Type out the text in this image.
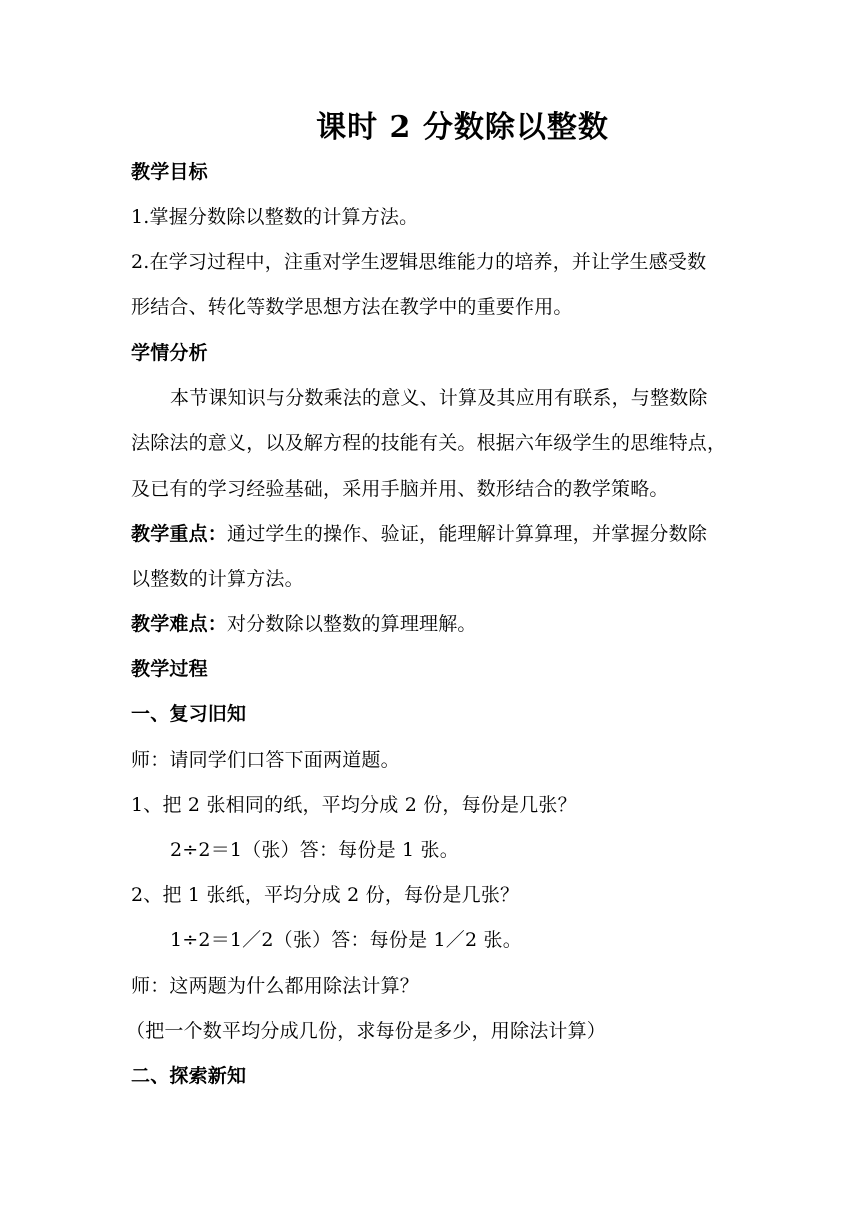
课时 2 分数除以整数
教学目标
1.掌握分数除以整数的计算方法。
2.在学习过程中，注重对学生逻辑思维能力的培养，并让学生感受数
形结合、转化等数学思想方法在教学中的重要作用。
学情分析
本节课知识与分数乘法的意义、计算及其应用有联系，与整数除
法除法的意义，以及解方程的技能有关。根据六年级学生的思维特点，
及已有的学习经验基础，采用手脑并用、数形结合的教学策略。
教学重点：通过学生的操作、验证，能理解计算算理，并掌握分数除
以整数的计算方法。
教学难点：对分数除以整数的算理理解。
教学过程
一、复习旧知
师：请同学们口答下面两道题。
1、把 2 张相同的纸，平均分成 2 份，每份是几张？
2÷2＝1（张）答：每份是 1 张。
2、把 1 张纸，平均分成 2 份，每份是几张？
1÷2＝1／2（张）答：每份是 1／2 张。
师：这两题为什么都用除法计算？
（把一个数平均分成几份，求每份是多少，用除法计算）
二、探索新知
